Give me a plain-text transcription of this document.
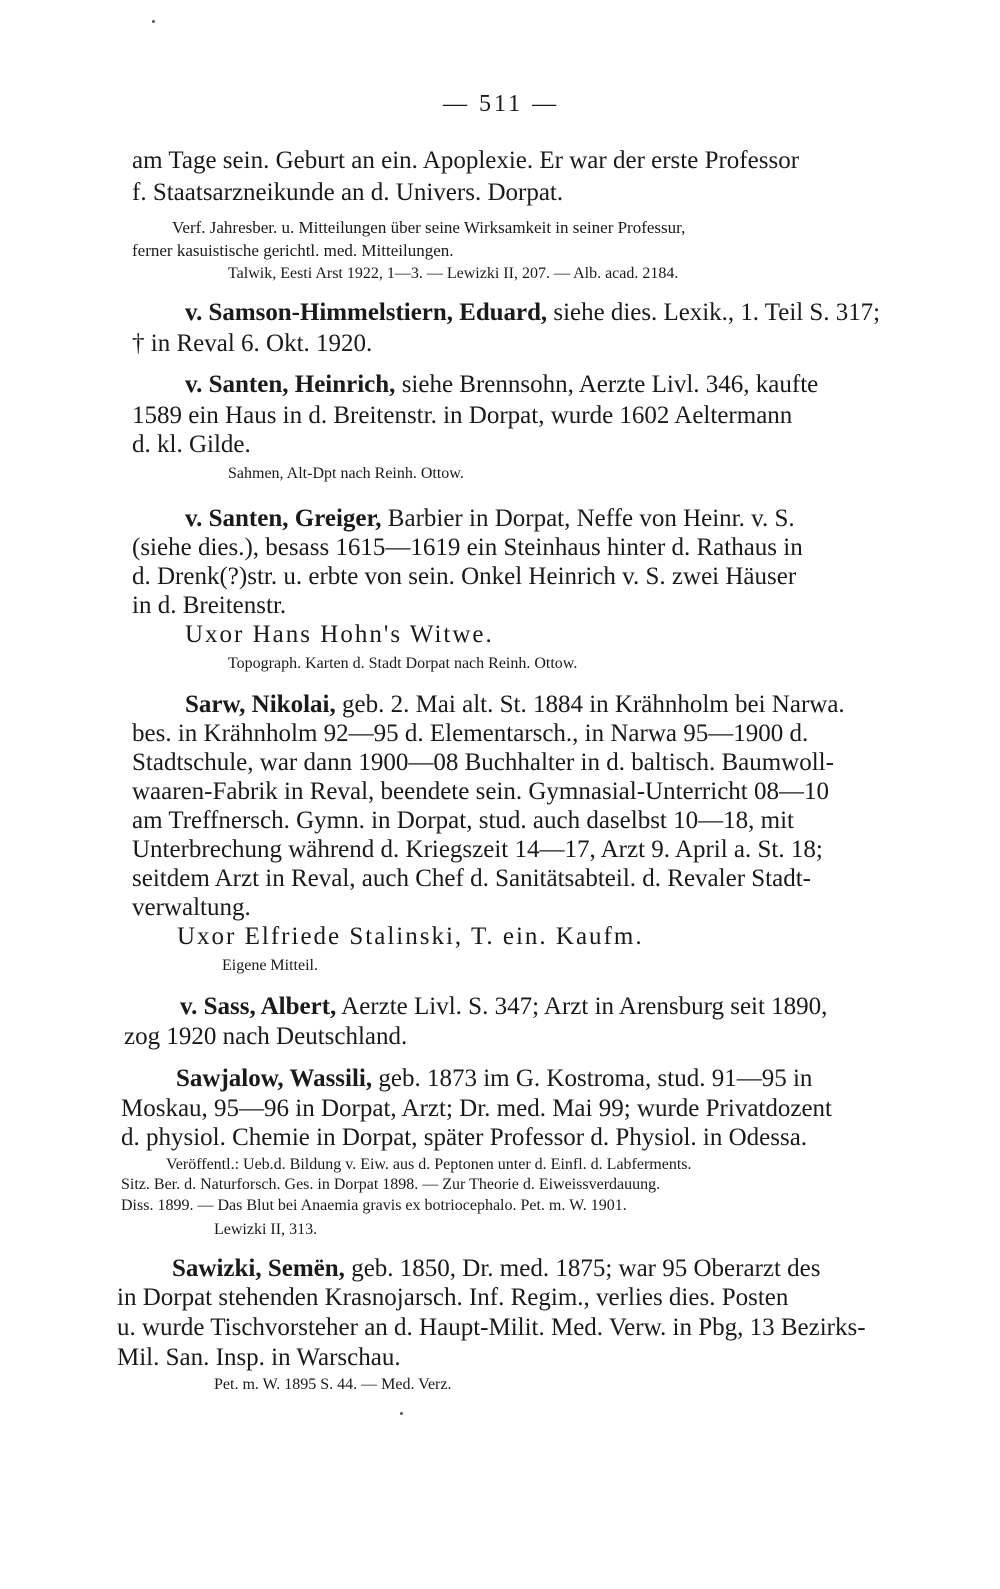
— 511 —
am Tage sein. Geburt an ein. Apoplexie. Er war der erste Professor
f. Staatsarzneikunde an d. Univers. Dorpat.
Verf. Jahresber. u. Mitteilungen über seine Wirksamkeit in seiner Professur,
ferner kasuistische gerichtl. med. Mitteilungen.
Talwik, Eesti Arst 1922, 1—3. — Lewizki II, 207. — Alb. acad. 2184.
v. Samson-Himmelstiern, Eduard, siehe dies. Lexik., 1. Teil S. 317;
† in Reval 6. Okt. 1920.
v. Santen, Heinrich, siehe Brennsohn, Aerzte Livl. 346, kaufte
1589 ein Haus in d. Breitenstr. in Dorpat, wurde 1602 Aeltermann
d. kl. Gilde.
Sahmen, Alt-Dpt nach Reinh. Ottow.
v. Santen, Greiger, Barbier in Dorpat, Neffe von Heinr. v. S.
(siehe dies.), besass 1615—1619 ein Steinhaus hinter d. Rathaus in
d. Drenk(?)str. u. erbte von sein. Onkel Heinrich v. S. zwei Häuser
in d. Breitenstr.
Uxor Hans Hohn's Witwe.
Topograph. Karten d. Stadt Dorpat nach Reinh. Ottow.
Sarw, Nikolai, geb. 2. Mai alt. St. 1884 in Krähnholm bei Narwa.
bes. in Krähnholm 92—95 d. Elementarsch., in Narwa 95—1900 d.
Stadtschule, war dann 1900—08 Buchhalter in d. baltisch. Baumwoll-
waaren-Fabrik in Reval, beendete sein. Gymnasial-Unterricht 08—10
am Treffnersch. Gymn. in Dorpat, stud. auch daselbst 10—18, mit
Unterbrechung während d. Kriegszeit 14—17, Arzt 9. April a. St. 18;
seitdem Arzt in Reval, auch Chef d. Sanitätsabteil. d. Revaler Stadt-
verwaltung.
Uxor Elfriede Stalinski, T. ein. Kaufm.
Eigene Mitteil.
v. Sass, Albert, Aerzte Livl. S. 347; Arzt in Arensburg seit 1890,
zog 1920 nach Deutschland.
Sawjalow, Wassili, geb. 1873 im G. Kostroma, stud. 91—95 in
Moskau, 95—96 in Dorpat, Arzt; Dr. med. Mai 99; wurde Privatdozent
d. physiol. Chemie in Dorpat, später Professor d. Physiol. in Odessa.
Veröffentl.: Ueb.d. Bildung v. Eiw. aus d. Peptonen unter d. Einfl. d. Labferments.
Sitz. Ber. d. Naturforsch. Ges. in Dorpat 1898. — Zur Theorie d. Eiweissverdauung.
Diss. 1899. — Das Blut bei Anaemia gravis ex botriocephalo. Pet. m. W. 1901.
Lewizki II, 313.
Sawizki, Semën, geb. 1850, Dr. med. 1875; war 95 Oberarzt des
in Dorpat stehenden Krasnojarsch. Inf. Regim., verlies dies. Posten
u. wurde Tischvorsteher an d. Haupt-Milit. Med. Verw. in Pbg, 13 Bezirks-
Mil. San. Insp. in Warschau.
Pet. m. W. 1895 S. 44. — Med. Verz.
